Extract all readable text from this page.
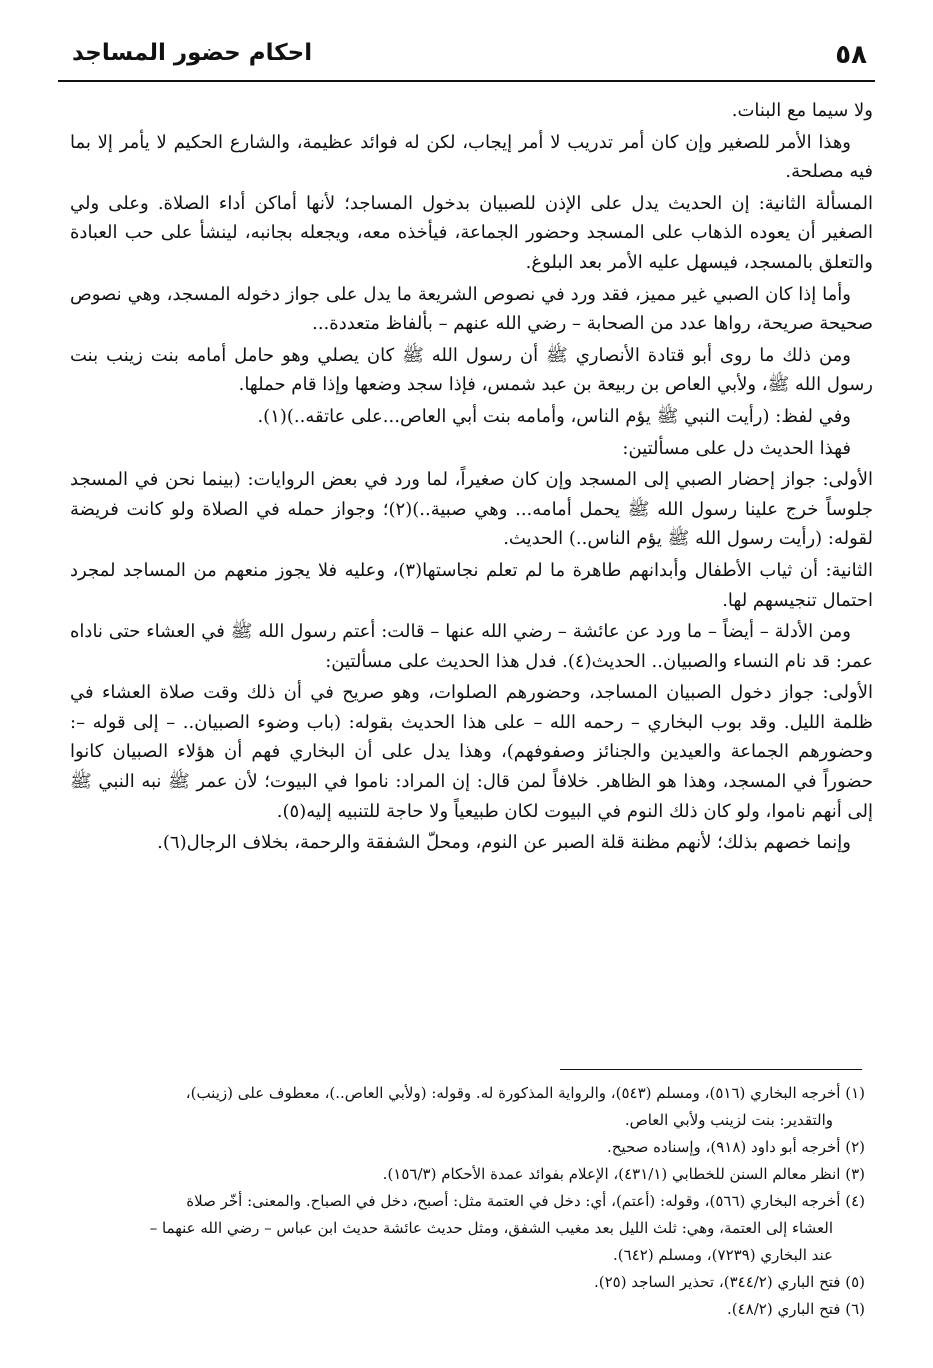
٥٨
احكام حضور المساجد

ولا سيما مع البنات.

وهذا الأمر للصغير وإن كان أمر تدريب لا أمر إيجاب، لكن له فوائد عظيمة، والشارع الحكيم لا يأمر إلا بما فيه مصلحة.

المسألة الثانية: إن الحديث يدل على الإذن للصبيان بدخول المساجد؛ لأنها أماكن أداء الصلاة. وعلى ولي الصغير أن يعوده الذهاب على المسجد وحضور الجماعة، فيأخذه معه، ويجعله بجانبه، لينشأ على حب العبادة والتعلق بالمسجد، فيسهل عليه الأمر بعد البلوغ.

وأما إذا كان الصبي غير مميز، فقد ورد في نصوص الشريعة ما يدل على جواز دخوله المسجد، وهي نصوص صحيحة صريحة، رواها عدد من الصحابة – رضي الله عنهم – بألفاظ متعددة...

ومن ذلك ما روى أبو قتادة الأنصاري ﷺ أن رسول الله ﷺ كان يصلي وهو حامل أمامه بنت زينب بنت رسول الله ﷺ، ولأبي العاص بن ربيعة بن عبد شمس، فإذا سجد وضعها وإذا قام حملها.

وفي لفظ: (رأيت النبي ﷺ يؤم الناس، وأمامه بنت أبي العاص...على عاتقه..)(١).

فهذا الحديث دل على مسألتين:

الأولى: جواز إحضار الصبي إلى المسجد وإن كان صغيراً، لما ورد في بعض الروايات: (بينما نحن في المسجد جلوساً خرج علينا رسول الله ﷺ يحمل أمامه... وهي صبية..)(٢)؛ وجواز حمله في الصلاة ولو كانت فريضة لقوله: (رأيت رسول الله ﷺ يؤم الناس..) الحديث.

الثانية: أن ثياب الأطفال وأبدانهم طاهرة ما لم تعلم نجاستها(٣)، وعليه فلا يجوز منعهم من المساجد لمجرد احتمال تنجيسهم لها.

ومن الأدلة – أيضاً – ما ورد عن عائشة – رضي الله عنها – قالت: أعتم رسول الله ﷺ في العشاء حتى ناداه عمر: قد نام النساء والصبيان.. الحديث(٤). فدل هذا الحديث على مسألتين:

الأولى: جواز دخول الصبيان المساجد، وحضورهم الصلوات، وهو صريح في أن ذلك وقت صلاة العشاء في ظلمة الليل. وقد بوب البخاري – رحمه الله – على هذا الحديث بقوله: (باب وضوء الصبيان.. – إلى قوله –: وحضورهم الجماعة والعيدين والجنائز وصفوفهم)، وهذا يدل على أن البخاري فهم أن هؤلاء الصبيان كانوا حضوراً في المسجد، وهذا هو الظاهر. خلافاً لمن قال: إن المراد: ناموا في البيوت؛ لأن عمر ﷺ نبه النبي ﷺ إلى أنهم ناموا، ولو كان ذلك النوم في البيوت لكان طبيعياً ولا حاجة للتنبيه إليه(٥).

وإنما خصهم بذلك؛ لأنهم مظنة قلة الصبر عن النوم، ومحلّ الشفقة والرحمة، بخلاف الرجال(٦).

(١) أخرجه البخاري (٥١٦)، ومسلم (٥٤٣)، والرواية المذكورة له. وقوله: (ولأبي العاص..)، معطوف على (زينب)،

والتقدير: بنت لزينب ولأبي العاص.

(٢) أخرجه أبو داود (٩١٨)، وإسناده صحيح.

(٣) انظر معالم السنن للخطابي (٤٣١/١)، الإعلام بفوائد عمدة الأحكام (١٥٦/٣).

(٤) أخرجه البخاري (٥٦٦)، وقوله: (أعتم)، أي: دخل في العتمة مثل: أصبح، دخل في الصباح. والمعنى: أخّر صلاة

العشاء إلى العتمة، وهي: ثلث الليل بعد مغيب الشفق، ومثل حديث عائشة حديث ابن عباس – رضي الله عنهما –

عند البخاري (٧٢٣٩)، ومسلم (٦٤٢).

(٥) فتح الباري (٣٤٤/٢)، تحذير الساجد (٢٥).

(٦) فتح الباري (٤٨/٢).
